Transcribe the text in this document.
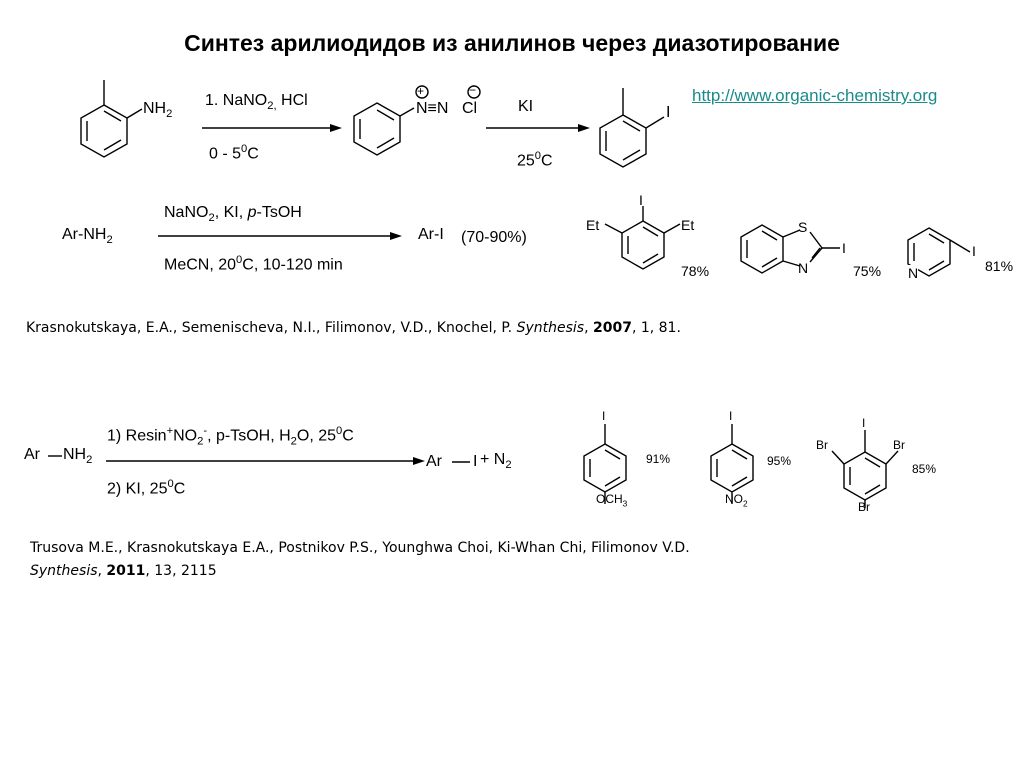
Синтез арилиодидов из анилинов через диазотирование
http://www.organic-chemistry.org
$NH_2$
1. NaNO$_{2,}$ HCl
$0 - 5^0C$
+	−
N≡N Cl	KI
$25^0C$
I
$Ar-NH_2$
NaNO$_2$, KI, p-TsOH
MeCN, $20^0C$, 10-120 min
Ar-I (70-90%)
I
Et	Et
78%
S
N
I
75% N
I
81%
Krasnokutskaya, E.A., Semenischeva, N.I., Filimonov, V.D., Knochel, P. Synthesis, 2007, 1, 81.
Ar $NH_2$
1) $Resin^+NO_2^-$, p-TsOH, $H_2O$, $25^0C$
2) KI, $25^0C$
Ar $I + N_2$
I
$OCH_3$
91%
I
$NO_2$
95%
I
Br	Br
Br
85%
Trusova M.E., Krasnokutskaya E.A., Postnikov P.S., Younghwa Choi, Ki-Whan Chi, Filimonov V.D.
Synthesis, 2011, 13, 2115
